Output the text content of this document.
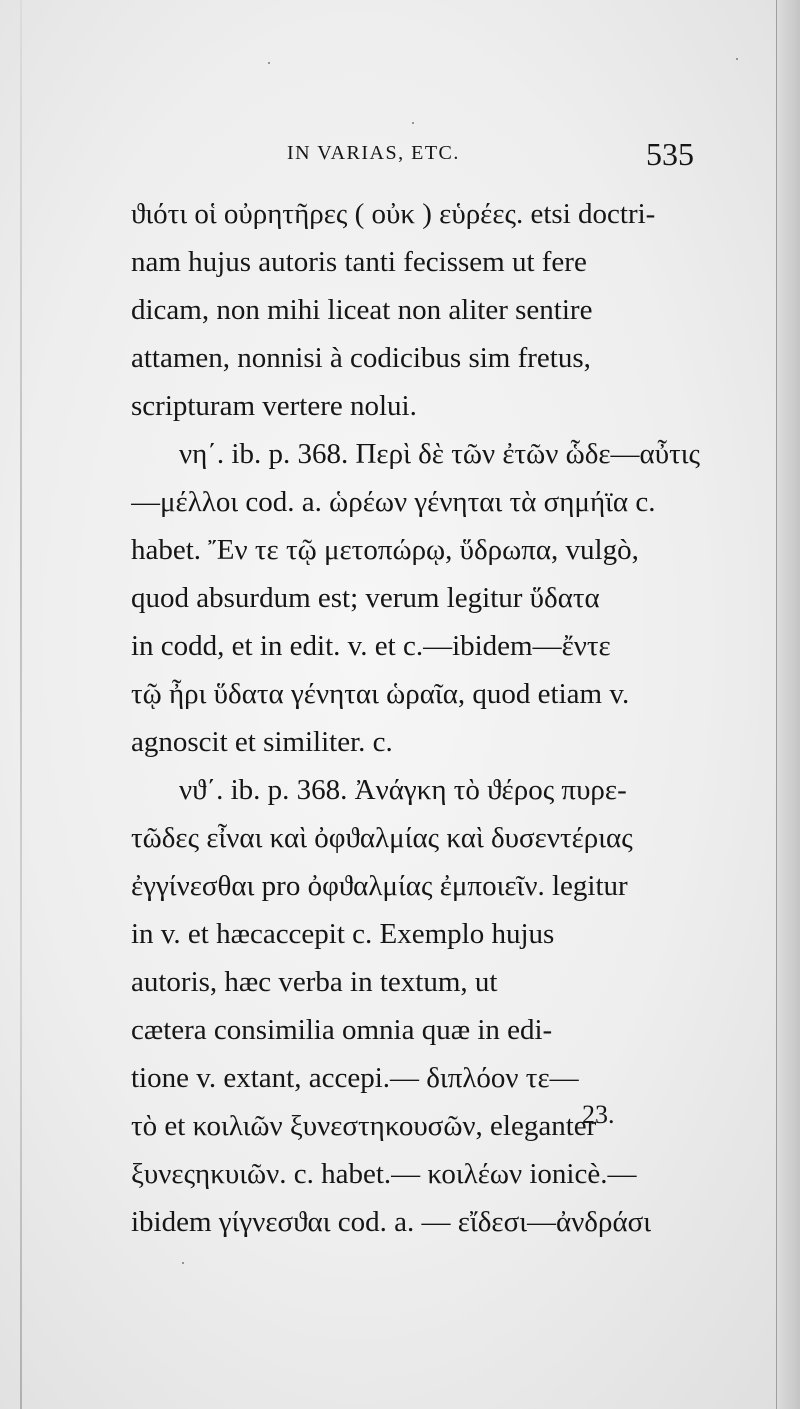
IN VARIAS, ETC.	535
ϑιότι οἱ οὐρητῆρες ( οὐκ ) εὑρέες. etsi doctri-
nam hujus autoris tanti fecissem ut fere
dicam, non mihi liceat non aliter sentire
attamen, nonnisi à codicibus sim fretus,
scripturam vertere nolui.
νη΄. ib. p. 368. Περὶ δὲ τῶν ἐτῶν ὧδε—αὖτις
—μέλλοι cod. a. ὡρέων γένηται τὰ σημήϊα c.
habet. Ἔν τε τῷ μετοπώρῳ, ὕδρωπα, vulgò,
quod absurdum est; verum legitur ὕδατα
in codd, et in edit. v. et c.—ibidem—ἔντε
τῷ ἦρι ὕδατα γένηται ὡραῖα, quod etiam v.
agnoscit et similiter. c.
νϑ΄. ib. p. 368. Ἀνάγκη τὸ ϑέρος πυρε-
τῶδες εἶναι καὶ ὀφϑαλμίας καὶ δυσεντέριας
ἐγγίνεσθαι pro ὀφϑαλμίας ἐμποιεῖν. legitur
in v. et hæcaccepit c. Exemplo hujus
autoris, hæc verba in textum, ut
cætera consimilia omnia quæ in edi-
tione v. extant, accepi.— διπλόον τε—
τὸ et κοιλιῶν ξυνεστηκουσῶν, eleganter
ξυνεςηκυιῶν. c. habet.— κοιλέων ionicè.—
ibidem γίγνεσϑαι cod. a. — εἴδεσι—ἀνδράσι
23.
